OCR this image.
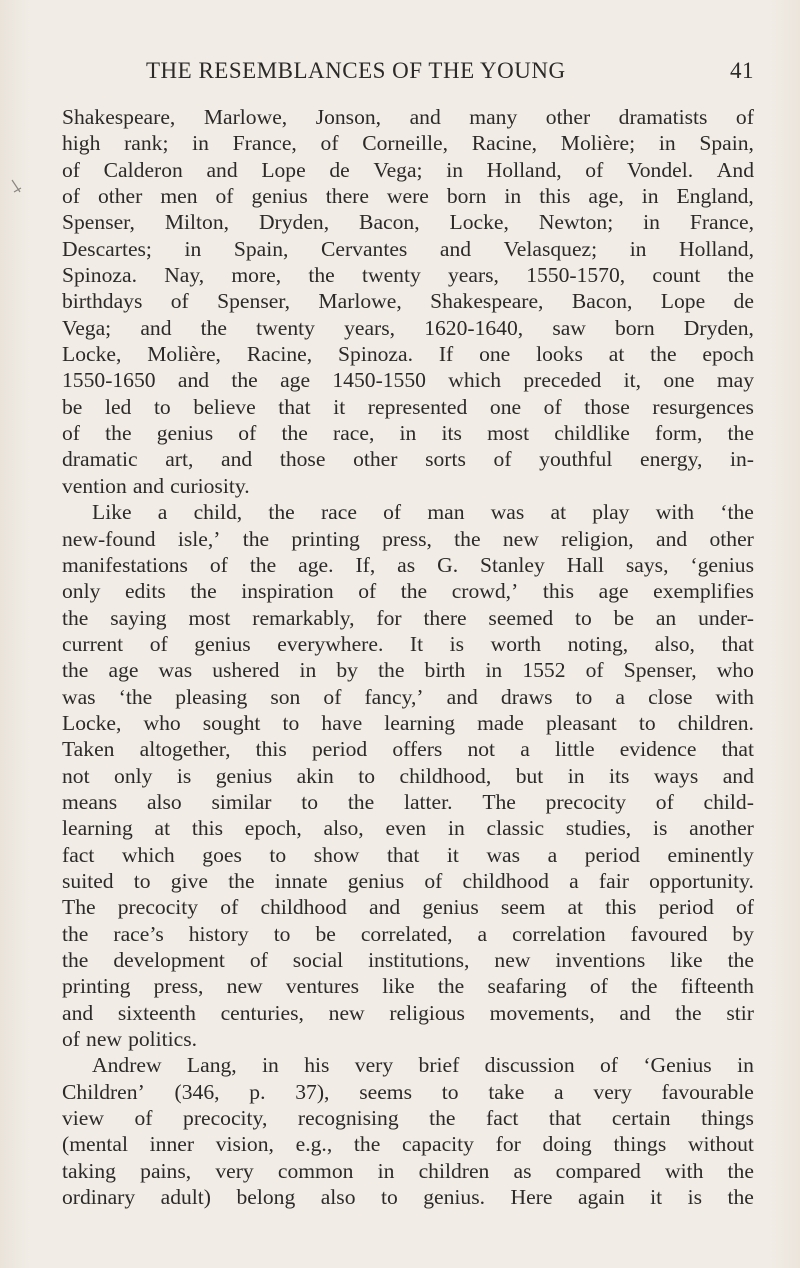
THE RESEMBLANCES OF THE YOUNG	41
Shakespeare, Marlowe, Jonson, and many other dramatists of
high rank; in France, of Corneille, Racine, Molière; in Spain,
of Calderon and Lope de Vega; in Holland, of Vondel. And
of other men of genius there were born in this age, in England,
Spenser, Milton, Dryden, Bacon, Locke, Newton; in France,
Descartes; in Spain, Cervantes and Velasquez; in Holland,
Spinoza. Nay, more, the twenty years, 1550-1570, count the
birthdays of Spenser, Marlowe, Shakespeare, Bacon, Lope de
Vega; and the twenty years, 1620-1640, saw born Dryden,
Locke, Molière, Racine, Spinoza. If one looks at the epoch
1550-1650 and the age 1450-1550 which preceded it, one may
be led to believe that it represented one of those resurgences
of the genius of the race, in its most childlike form, the
dramatic art, and those other sorts of youthful energy, in-
vention and curiosity.
Like a child, the race of man was at play with ‘the
new-found isle,’ the printing press, the new religion, and other
manifestations of the age. If, as G. Stanley Hall says, ‘genius
only edits the inspiration of the crowd,’ this age exemplifies
the saying most remarkably, for there seemed to be an under-
current of genius everywhere. It is worth noting, also, that
the age was ushered in by the birth in 1552 of Spenser, who
was ‘the pleasing son of fancy,’ and draws to a close with
Locke, who sought to have learning made pleasant to children.
Taken altogether, this period offers not a little evidence that
not only is genius akin to childhood, but in its ways and
means also similar to the latter. The precocity of child-
learning at this epoch, also, even in classic studies, is another
fact which goes to show that it was a period eminently
suited to give the innate genius of childhood a fair opportunity.
The precocity of childhood and genius seem at this period of
the race’s history to be correlated, a correlation favoured by
the development of social institutions, new inventions like the
printing press, new ventures like the seafaring of the fifteenth
and sixteenth centuries, new religious movements, and the stir
of new politics.
Andrew Lang, in his very brief discussion of ‘Genius in
Children’ (346, p. 37), seems to take a very favourable
view of precocity, recognising the fact that certain things
(mental inner vision, e.g., the capacity for doing things without
taking pains, very common in children as compared with the
ordinary adult) belong also to genius. Here again it is the
